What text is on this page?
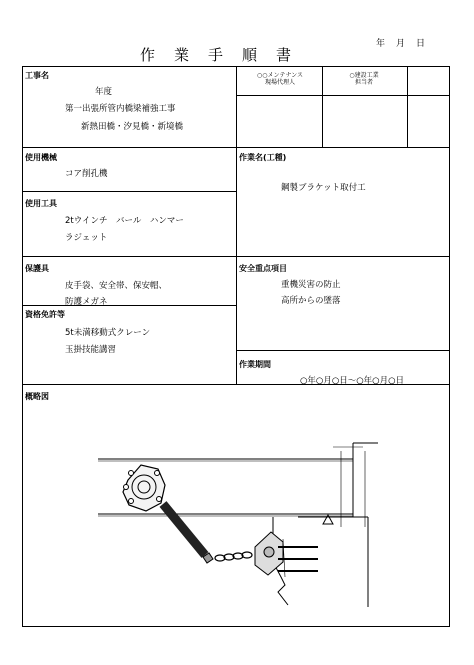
年　月　日
作業手順書
○○メンテナンス
現場代理人
○建設工業
担当者
工事名
年度
第一出張所管内橋梁補強工事
新熱田橋・汐見橋・新境橋
使用機械
コア削孔機
作業名(工種)
鋼製ブラケット取付工
使用工具
2tウインチ　バール　ハンマー
ラジェット
保護具
皮手袋、安全帯、保安帽、
防護メガネ
安全重点項目
重機災害の防止
高所からの墜落
資格免許等
5t未満移動式クレーン
玉掛技能講習
作業期間
○年○月○日～○年○月○日
概略図
